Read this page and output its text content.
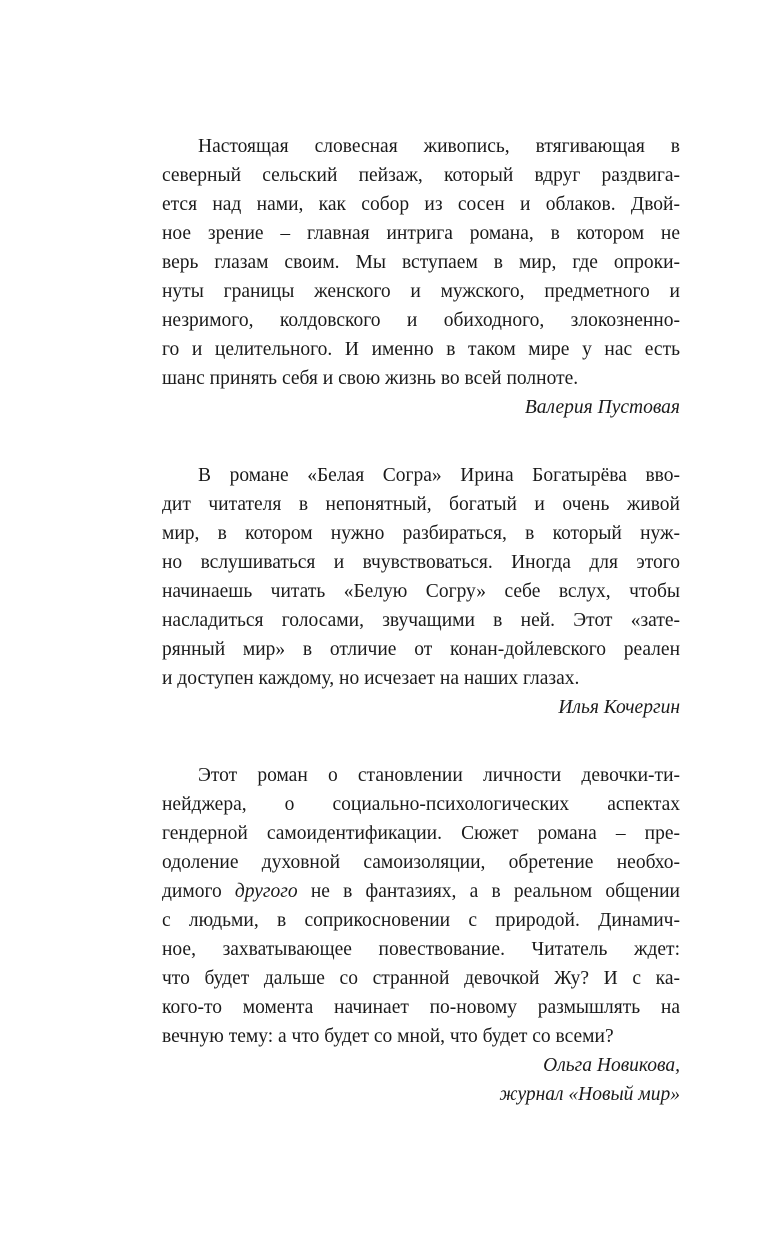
Настоящая словесная живопись, втягивающая в
северный сельский пейзаж, который вдруг раздвига-
ется над нами, как собор из сосен и облаков. Двой-
ное зрение – главная интрига романа, в котором не
верь глазам своим. Мы вступаем в мир, где опроки-
нуты границы женского и мужского, предметного и
незримого, колдовского и обиходного, злокозненно-
го и целительного. И именно в таком мире у нас есть
шанс принять себя и свою жизнь во всей полноте.
Валерия Пустовая
В романе «Белая Согра» Ирина Богатырёва вво-
дит читателя в непонятный, богатый и очень живой
мир, в котором нужно разбираться, в который нуж-
но вслушиваться и вчувствоваться. Иногда для этого
начинаешь читать «Белую Согру» себе вслух, чтобы
насладиться голосами, звучащими в ней. Этот «зате-
рянный мир» в отличие от конан-дойлевского реален
и доступен каждому, но исчезает на наших глазах.
Илья Кочергин
Этот роман о становлении личности девочки-ти-
нейджера, о социально-психологических аспектах
гендерной самоидентификации. Сюжет романа – пре-
одоление духовной самоизоляции, обретение необхо-
димого другого не в фантазиях, а в реальном общении
с людьми, в соприкосновении с природой. Динамич-
ное, захватывающее повествование. Читатель ждет:
что будет дальше со странной девочкой Жу? И с ка-
кого-то момента начинает по-новому размышлять на
вечную тему: а что будет со мной, что будет со всеми?
Ольга Новикова,
журнал «Новый мир»
